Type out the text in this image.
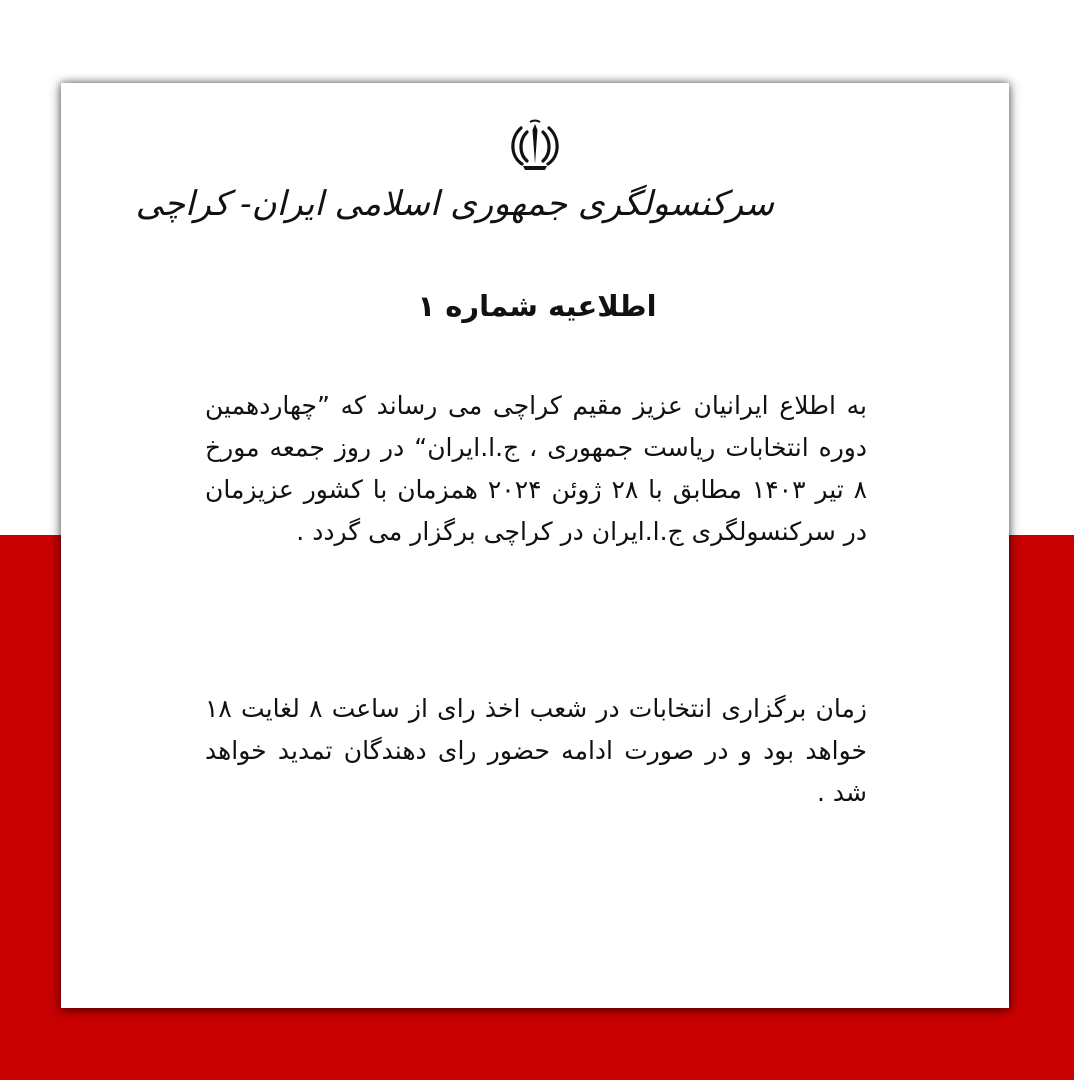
سرکنسولگری جمهوری اسلامی ایران- کراچی
اطلاعیه شماره ۱

به اطلاع ایرانیان عزیز مقیم کراچی می رساند که ”چهاردهمین دوره انتخابات ریاست جمهوری ، ج.ا.ایران“ در روز جمعه مورخ ۸ تیر ۱۴۰۳ مطابق با ۲۸ ژوئن ۲۰۲۴ همزمان با کشور عزیزمان در سرکنسولگری ج.ا.ایران در کراچی برگزار می گردد .

زمان برگزاری انتخابات در شعب اخذ رای از ساعت ۸ لغایت ۱۸ خواهد بود و در صورت ادامه حضور رای دهندگان تمدید خواهد شد .
